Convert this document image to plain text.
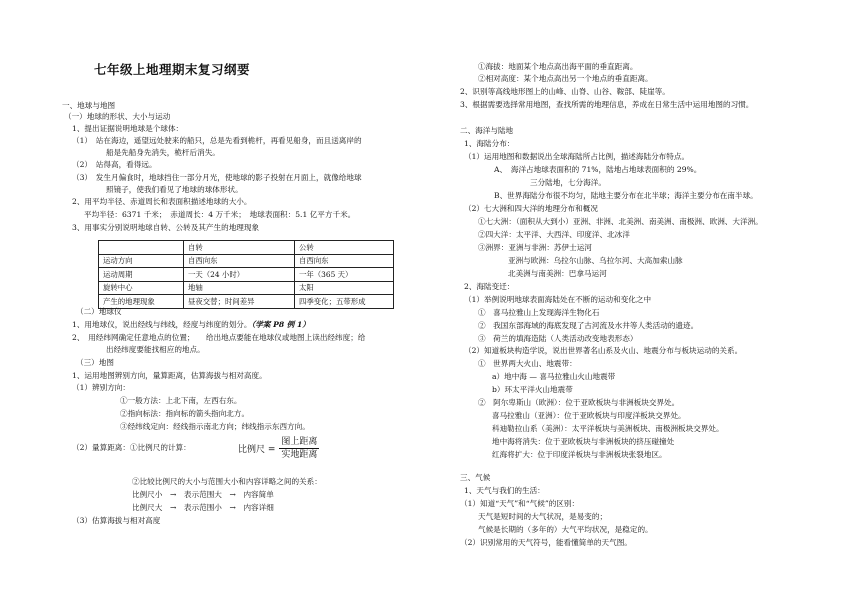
七年级上地理期末复习纲要
一、地球与地图
（一）地球的形状、大小与运动
1、提出证据说明地球是个球体：
（1）　站在海边，遥望远处驶来的船只，总是先看到桅杆，再看见船身，而且送离岸的
船是先船身先消失，桅杆后消失。
（2）　站得高，看得远。
（3）　发生月偏食时，地球挡住一部分月光，使地球的影子投射在月面上，就像给地球
照镜子，使我们看见了地球的球体形状。
2、用平均半径、赤道周长和表面积描述地球的大小。
平均半径：6371 千米；　赤道周长：4 万千米；　地球表面积：5.1 亿平方千米。
3、用事实分别说明地球自转、公转及其产生的地理现象
	自转	公转
运动方向	自西向东	自西向东
运动周期	一天（24 小时）	一年（365 天）
旋转中心	地轴	太阳
产生的地理现象	昼夜交替；时间差异	四季变化；五带形成
（二）地球仪
1、用地球仪，说出经线与纬线，经度与纬度的划分。（学案 P8 例 1）
2、　用经纬网确定任意地点的位置；　　给出地点要能在地球仪或地图上读出经纬度；给
出经纬度要能找相应的地点。
（三）地图
1、运用地图辨别方向，量算距离，估算海拔与相对高度。
（1）辨别方向：
①一般方法：上北下南，左西右东。
②指向标法：指向标的箭头指向北方。
③经纬线定向：经线指示南北方向；纬线指示东西方向。
（2）量算距离：①比例尺的计算：	比例尺 = $\frac{\text{图上距离}}{\text{实地距离}}$
②比较比例尺的大小与范围大小和内容详略之间的关系：
比例尺小　→　表示范围大　→　内容简单
比例尺大　→　表示范围小　→　内容详细
（3）估算海拔与相对高度
①海拔：地面某个地点高出海平面的垂直距离。
②相对高度：某个地点高出另一个地点的垂直距离。
2、识别等高线地形图上的山峰、山脊、山谷、鞍部、陡崖等。
3、根据需要选择常用地图，查找所需的地理信息，养成在日常生活中运用地图的习惯。
二、海洋与陆地
1、海陆分布：
（1）运用地图和数据说出全球海陆所占比例，描述海陆分布特点。
A、　海洋占地球表面积的 71%，陆地占地球表面积的 29%。
三分陆地，七分海洋。
B、世界海陆分布很不均匀，陆地主要分布在北半球；海洋主要分布在南半球。
（2）七大洲和四大洋的地理分布和概况
①七大洲：（面积从大到小）亚洲、非洲、北美洲、南美洲、南极洲、欧洲、大洋洲。
②四大洋：太平洋、大西洋、印度洋、北冰洋
③洲界：亚洲与非洲：苏伊士运河
亚洲与欧洲：乌拉尔山脉、乌拉尔河、大高加索山脉
北美洲与南美洲：巴拿马运河
2、海陆变迁：
（1）举例说明地球表面海陆处在不断的运动和变化之中
①　喜马拉雅山上发现海洋生物化石
②　我国东部海域的海底发现了古河流及水井等人类活动的遗迹。
③　荷兰的填海造陆（人类活动改变地表形态）
（2）知道板块构造学说，说出世界著名山系及火山、地震分布与板块运动的关系。
①　世界两大火山、地震带：
a）地中海 — 喜马拉雅山火山地震带
b）环太平洋火山地震带
②　阿尔卑斯山（欧洲）：位于亚欧板块与非洲板块交界处。
喜马拉雅山（亚洲）：位于亚欧板块与印度洋板块交界处。
科迪勒拉山系（美洲）：太平洋板块与美洲板块、南极洲板块交界处。
地中海将消失：位于亚欧板块与非洲板块的挤压碰撞处
红海将扩大：位于印度洋板块与非洲板块张裂地区。
三、气候
1、天气与我们的生活：
（1）知道“天气”和“气候”的区别：
天气是短时间的大气状况，是易变的；
气候是长期的（多年的）大气平均状况，是稳定的。
（2）识别常用的天气符号，能看懂简单的天气图。
